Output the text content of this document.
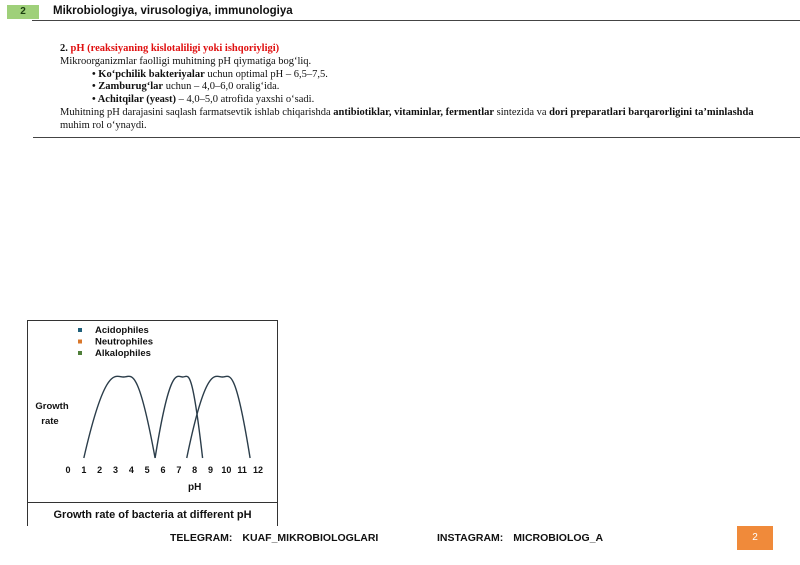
2	Mikrobiologiya, virusologiya, immunologiya
2. pH (reaksiyaning kislotaliligi yoki ishqoriyligi)
Mikroorganizmlar faolligi muhitning pH qiymatiga bog‘liq.
• Ko‘pchilik bakteriyalar uchun optimal pH – 6,5–7,5.
• Zamburug‘lar uchun – 4,0–6,0 oralig‘ida.
• Achitqilar (yeast) – 4,0–5,0 atrofida yaxshi o‘sadi.
Muhitning pH darajasini saqlash farmatsevtik ishlab chiqarishda antibiotiklar, vitaminlar, fermentlar sintezida va dori preparatlari barqarorligini ta’minlashda muhim rol o‘ynaydi.
Acidophiles
Neutrophiles
Alkalophiles
0 1 2 3 4 5 6 7 8 9 10 11 12
Growth
rate
pH
Growth rate of bacteria at different pH
TELEGRAM: KUAF_MIKROBIOLOGLARI	INSTAGRAM: MICROBIOLOG_A	2
